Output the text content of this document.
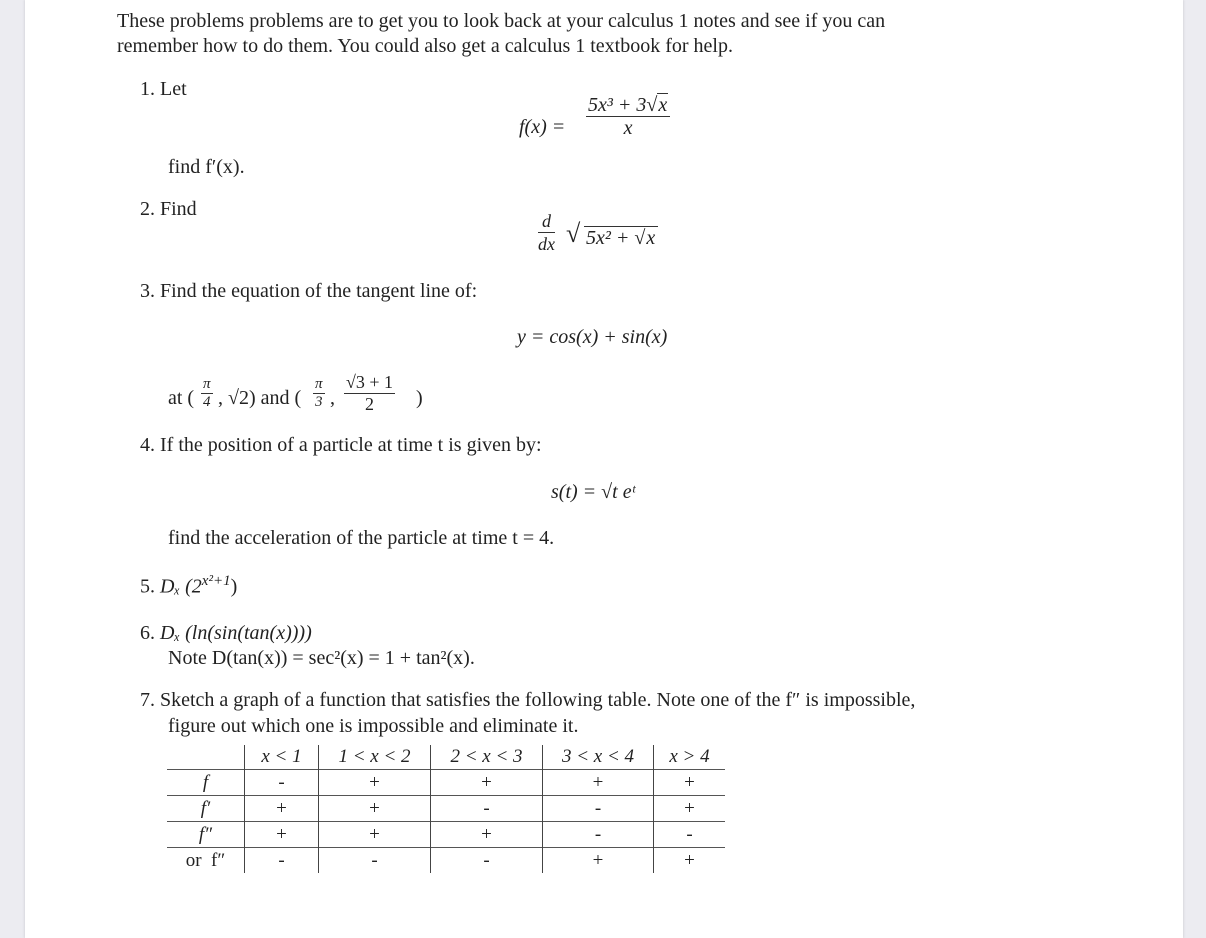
These problems problems are to get you to look back at your calculus 1 notes and see if you can
remember how to do them. You could also get a calculus 1 textbook for help.
1. Let
f(x) =
5x³ + 3√x
x
find f′(x).
2. Find
d
dx √ 5x² + √x
3. Find the equation of the tangent line of:
y = cos(x) + sin(x)
at (
π
4 , √2) and (
π
3 ,
√3 + 1
2	)
4. If the position of a particle at time t is given by:
s(t) = √t eᵗ
find the acceleration of the particle at time t = 4.
5. Dₓ $(2^{x^2+1})$
6. Dₓ (ln(sin(tan(x))))
Note D(tan(x)) = sec²(x) = 1 + tan²(x).
7. Sketch a graph of a function that satisfies the following table. Note one of the f″ is impossible,
figure out which one is impossible and eliminate it.
	x < 1	1 < x < 2	2 < x < 3	3 < x < 4	x > 4
f	-	+	+	+	+
f′	+	+	-	-	+
f″	+	+	+	-	-
or  f″	-	-	-	+	+
